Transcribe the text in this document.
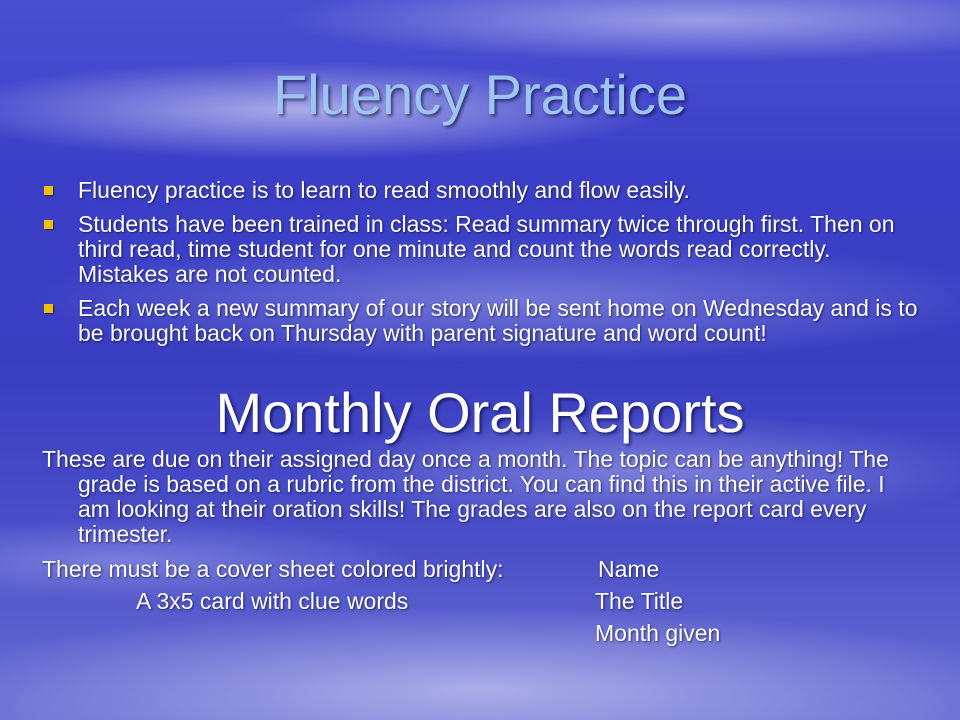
Fluency Practice
Fluency practice is to learn to read smoothly and flow easily.
Students have been trained in class: Read summary twice through first. Then on third read, time student for one minute and count the words read correctly. Mistakes are not counted.
Each week a new summary of our story will be sent home on Wednesday and is to be brought back on Thursday with parent signature and word count!
Monthly Oral Reports

These are due on their assigned day once a month. The topic can be anything! The grade is based on a rubric from the district. You can find this in their active file. I am looking at their oration skills! The grades are also on the report card every trimester.

There must be a cover sheet colored brightly:	Name
A 3x5 card with clue words	The Title
Month given
